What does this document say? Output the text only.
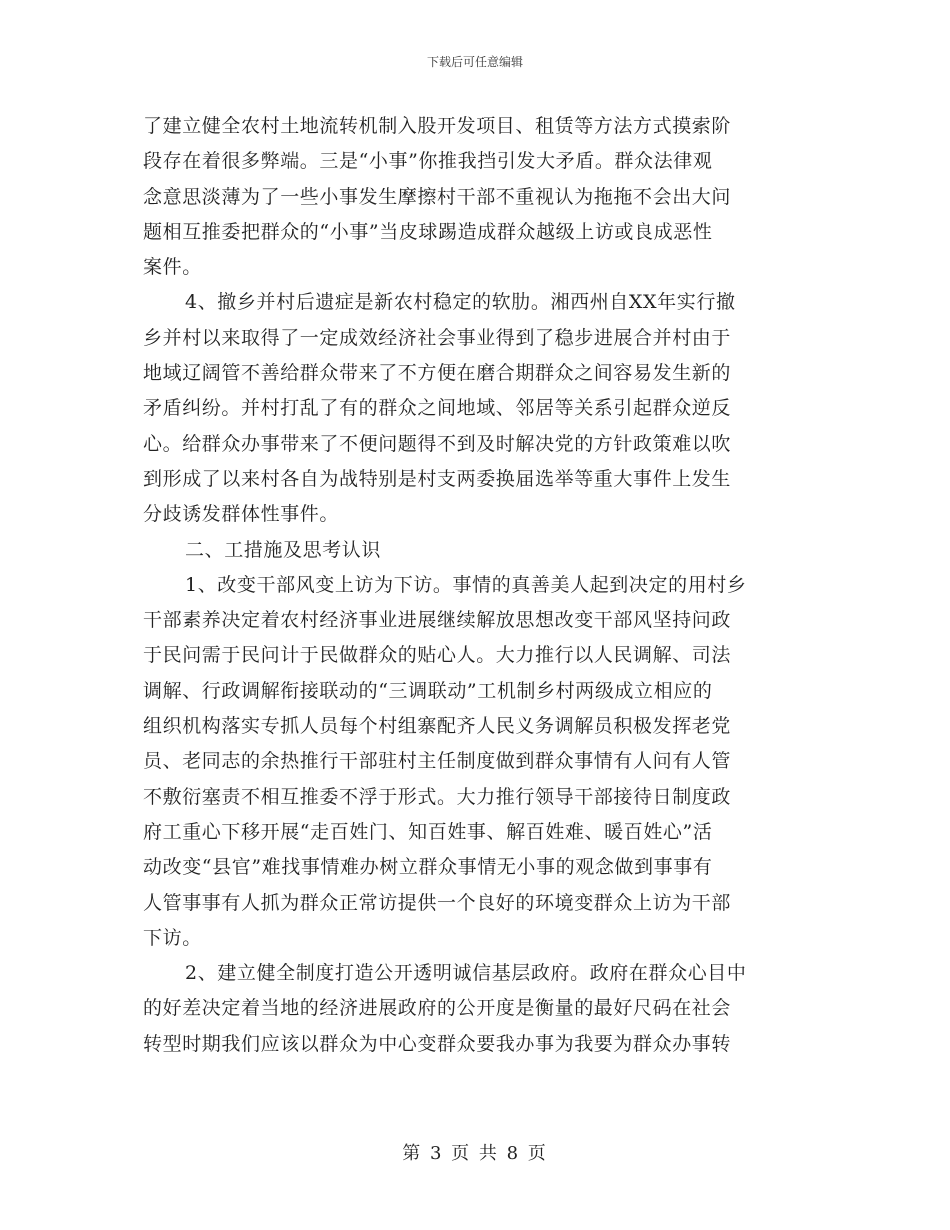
下载后可任意编辑
了建立健全农村土地流转机制入股开发项目、租赁等方法方式摸索阶
段存在着很多弊端。三是“小事”你推我挡引发大矛盾。群众法律观
念意思淡薄为了一些小事发生摩擦村干部不重视认为拖拖不会出大问
题相互推委把群众的“小事”当皮球踢造成群众越级上访或良成恶性
案件。
4、撤乡并村后遗症是新农村稳定的软肋。湘西州自XX年实行撤
乡并村以来取得了一定成效经济社会事业得到了稳步进展合并村由于
地域辽阔管不善给群众带来了不方便在磨合期群众之间容易发生新的
矛盾纠纷。并村打乱了有的群众之间地域、邻居等关系引起群众逆反
心。给群众办事带来了不便问题得不到及时解决党的方针政策难以吹
到形成了以来村各自为战特别是村支两委换届选举等重大事件上发生
分歧诱发群体性事件。
二、工措施及思考认识
1、改变干部风变上访为下访。事情的真善美人起到决定的用村乡
干部素养决定着农村经济事业进展继续解放思想改变干部风坚持问政
于民问需于民问计于民做群众的贴心人。大力推行以人民调解、司法
调解、行政调解衔接联动的“三调联动”工机制乡村两级成立相应的
组织机构落实专抓人员每个村组寨配齐人民义务调解员积极发挥老党
员、老同志的余热推行干部驻村主任制度做到群众事情有人问有人管
不敷衍塞责不相互推委不浮于形式。大力推行领导干部接待日制度政
府工重心下移开展“走百姓门、知百姓事、解百姓难、暖百姓心”活
动改变“县官”难找事情难办树立群众事情无小事的观念做到事事有
人管事事有人抓为群众正常访提供一个良好的环境变群众上访为干部
下访。
2、建立健全制度打造公开透明诚信基层政府。政府在群众心目中
的好差决定着当地的经济进展政府的公开度是衡量的最好尺码在社会
转型时期我们应该以群众为中心变群众要我办事为我要为群众办事转
第 3 页 共 8 页
